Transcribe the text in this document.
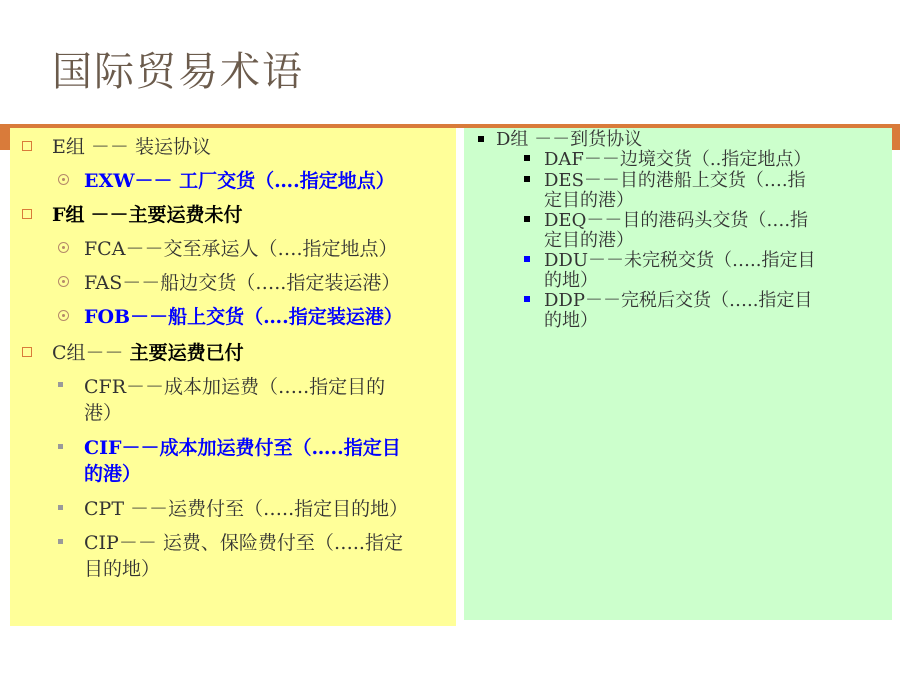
国际贸易术语
E组 －－ 装运协议
EXW－－ 工厂交货（….指定地点）
F组 －－主要运费未付
FCA－－交至承运人（….指定地点）
FAS－－船边交货（…..指定装运港）
FOB－－船上交货（….指定装运港）
C组－－ 主要运费已付
CFR－－成本加运费（…..指定目的
港）
CIF－－成本加运费付至（…..指定目
的港）
CPT －－运费付至（…..指定目的地）
CIP－－ 运费、保险费付至（…..指定
目的地）
D组 －－到货协议
DAF－－边境交货（..指定地点）
DES－－目的港船上交货（….指
定目的港）
DEQ－－目的港码头交货（….指
定目的港）
DDU－－未完税交货（…..指定目
的地）
DDP－－完税后交货（…..指定目
的地）
